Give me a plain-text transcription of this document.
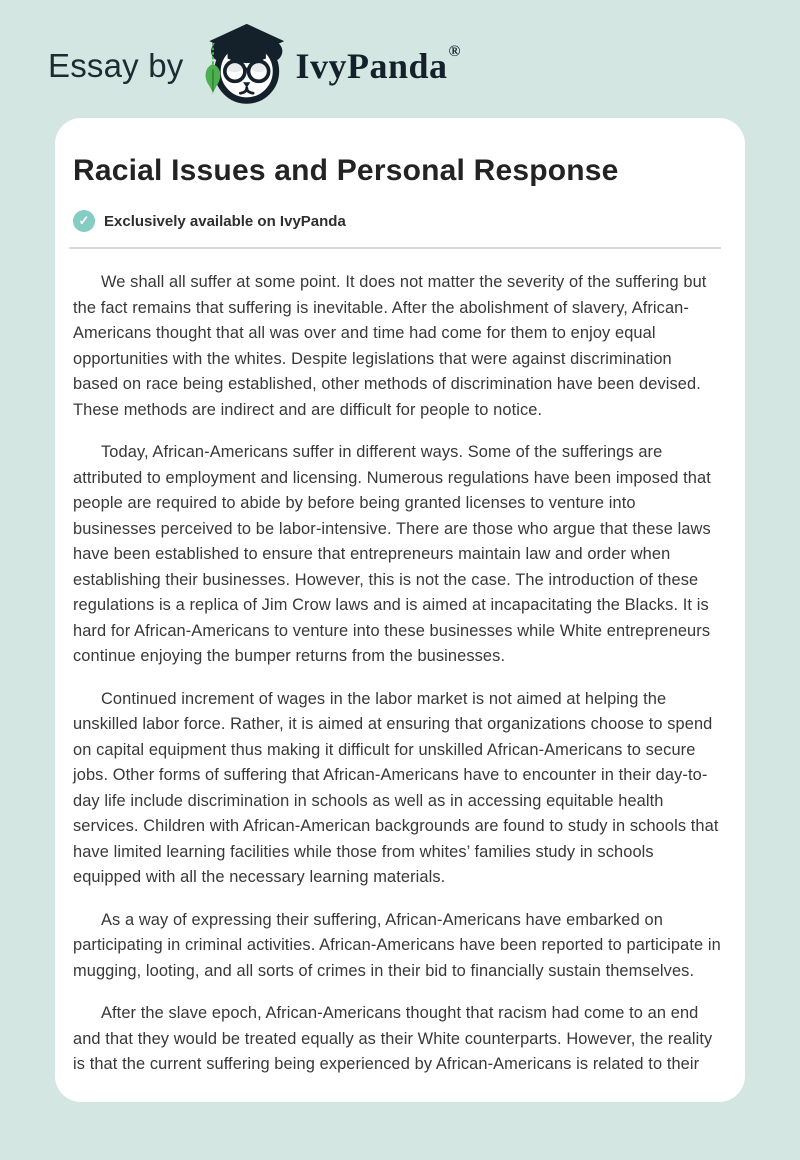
Essay by	IvyPanda ®
Racial Issues and Personal Response
✓ Exclusively available on IvyPanda

We shall all suffer at some point. It does not matter the severity of the suffering but the fact remains that suffering is inevitable. After the abolishment of slavery, African-Americans thought that all was over and time had come for them to enjoy equal opportunities with the whites. Despite legislations that were against discrimination based on race being established, other methods of discrimination have been devised. These methods are indirect and are difficult for people to notice.

Today, African-Americans suffer in different ways. Some of the sufferings are attributed to employment and licensing. Numerous regulations have been imposed that people are required to abide by before being granted licenses to venture into businesses perceived to be labor-intensive. There are those who argue that these laws have been established to ensure that entrepreneurs maintain law and order when establishing their businesses. However, this is not the case. The introduction of these regulations is a replica of Jim Crow laws and is aimed at incapacitating the Blacks. It is hard for African-Americans to venture into these businesses while White entrepreneurs continue enjoying the bumper returns from the businesses.

Continued increment of wages in the labor market is not aimed at helping the unskilled labor force. Rather, it is aimed at ensuring that organizations choose to spend on capital equipment thus making it difficult for unskilled African-Americans to secure jobs. Other forms of suffering that African-Americans have to encounter in their day-to-day life include discrimination in schools as well as in accessing equitable health services. Children with African-American backgrounds are found to study in schools that have limited learning facilities while those from whites’ families study in schools equipped with all the necessary learning materials.

As a way of expressing their suffering, African-Americans have embarked on participating in criminal activities. African-Americans have been reported to participate in mugging, looting, and all sorts of crimes in their bid to financially sustain themselves.

After the slave epoch, African-Americans thought that racism had come to an end and that they would be treated equally as their White counterparts. However, the reality is that the current suffering being experienced by African-Americans is related to their
